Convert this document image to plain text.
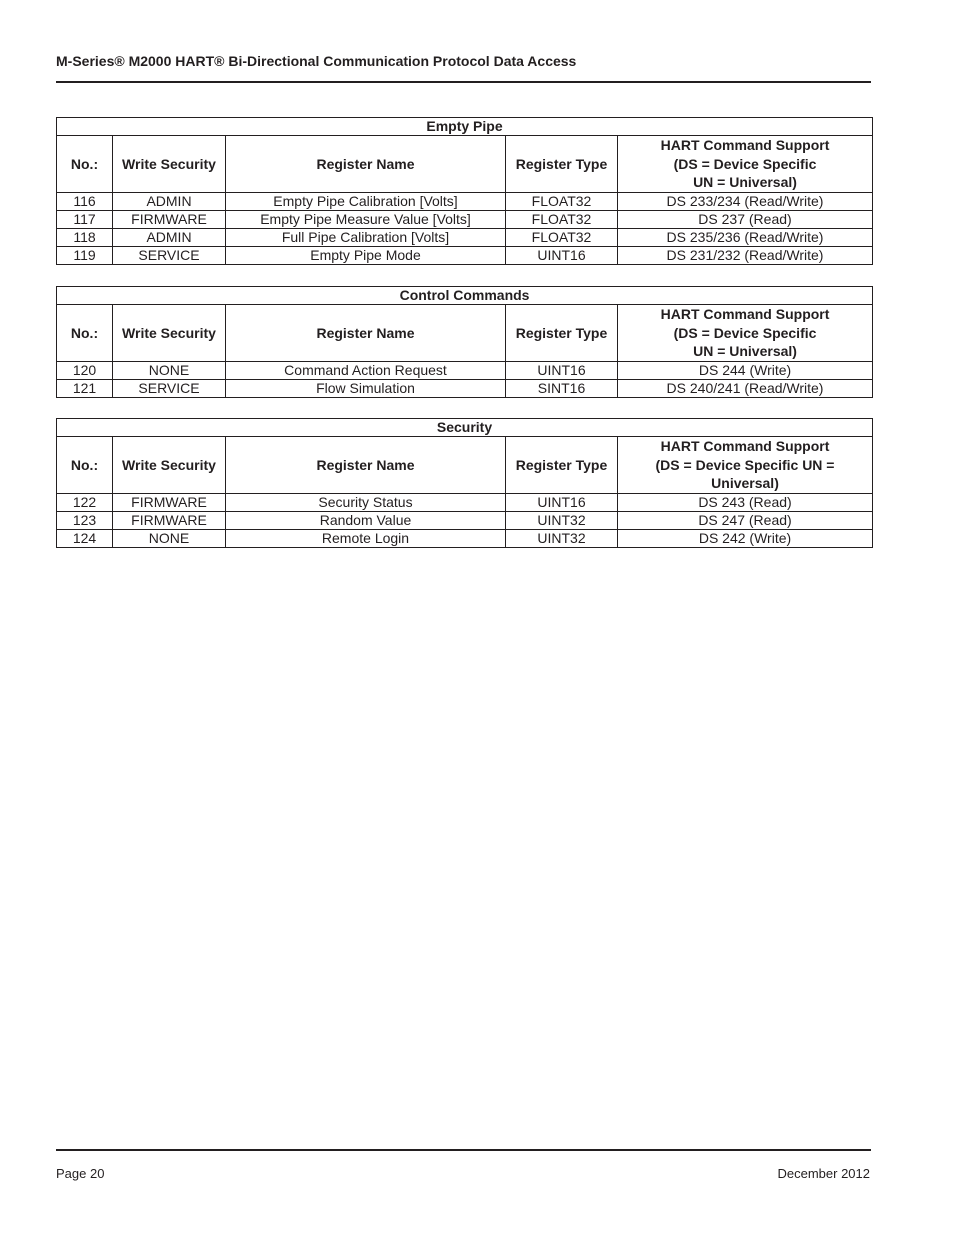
M-Series® M2000 HART® Bi-Directional Communication Protocol Data Access
Empty Pipe				
No.:	Write Security	Register Name	Register Type	HART Command Support
(DS = Device Specific
UN = Universal)
116	ADMIN	Empty Pipe Calibration [Volts]	FLOAT32	DS 233/234 (Read/Write)
117	FIRMWARE	Empty Pipe Measure Value [Volts]	FLOAT32	DS 237 (Read)
118	ADMIN	Full Pipe Calibration [Volts]	FLOAT32	DS 235/236 (Read/Write)
119	SERVICE	Empty Pipe Mode	UINT16	DS 231/232 (Read/Write)
Control Commands				
No.:	Write Security	Register Name	Register Type	HART Command Support
(DS = Device Specific
UN = Universal)
120	NONE	Command Action Request	UINT16	DS 244 (Write)
121	SERVICE	Flow Simulation	SINT16	DS 240/241 (Read/Write)
Security				
No.:	Write Security	Register Name	Register Type	HART Command Support
(DS = Device Specific UN =
Universal)
122	FIRMWARE	Security Status	UINT16	DS 243 (Read)
123	FIRMWARE	Random Value	UINT32	DS 247 (Read)
124	NONE	Remote Login	UINT32	DS 242 (Write)
Page 20	December 2012
